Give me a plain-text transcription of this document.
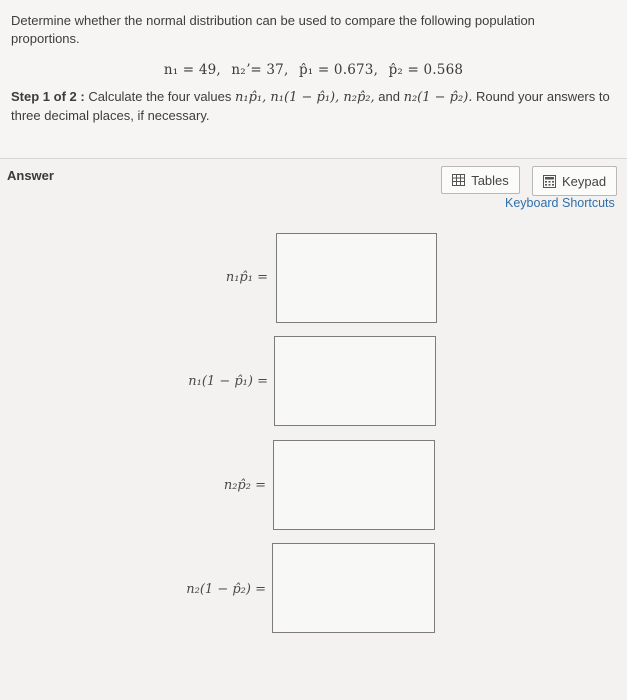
Determine whether the normal distribution can be used to compare the following population proportions.
n₁ = 49, n₂ʼ= 37, p̂₁ = 0.673, p̂₂ = 0.568
Step 1 of 2 : Calculate the four values n₁p̂₁, n₁(1 − p̂₁), n₂p̂₂, and n₂(1 − p̂₂). Round your answers to three decimal places, if necessary.
Answer	Tables	Keypad
Keyboard Shortcuts
n₁p̂₁ =
n₁(1 − p̂₁) =
n₂p̂₂ =
n₂(1 − p̂₂) =
